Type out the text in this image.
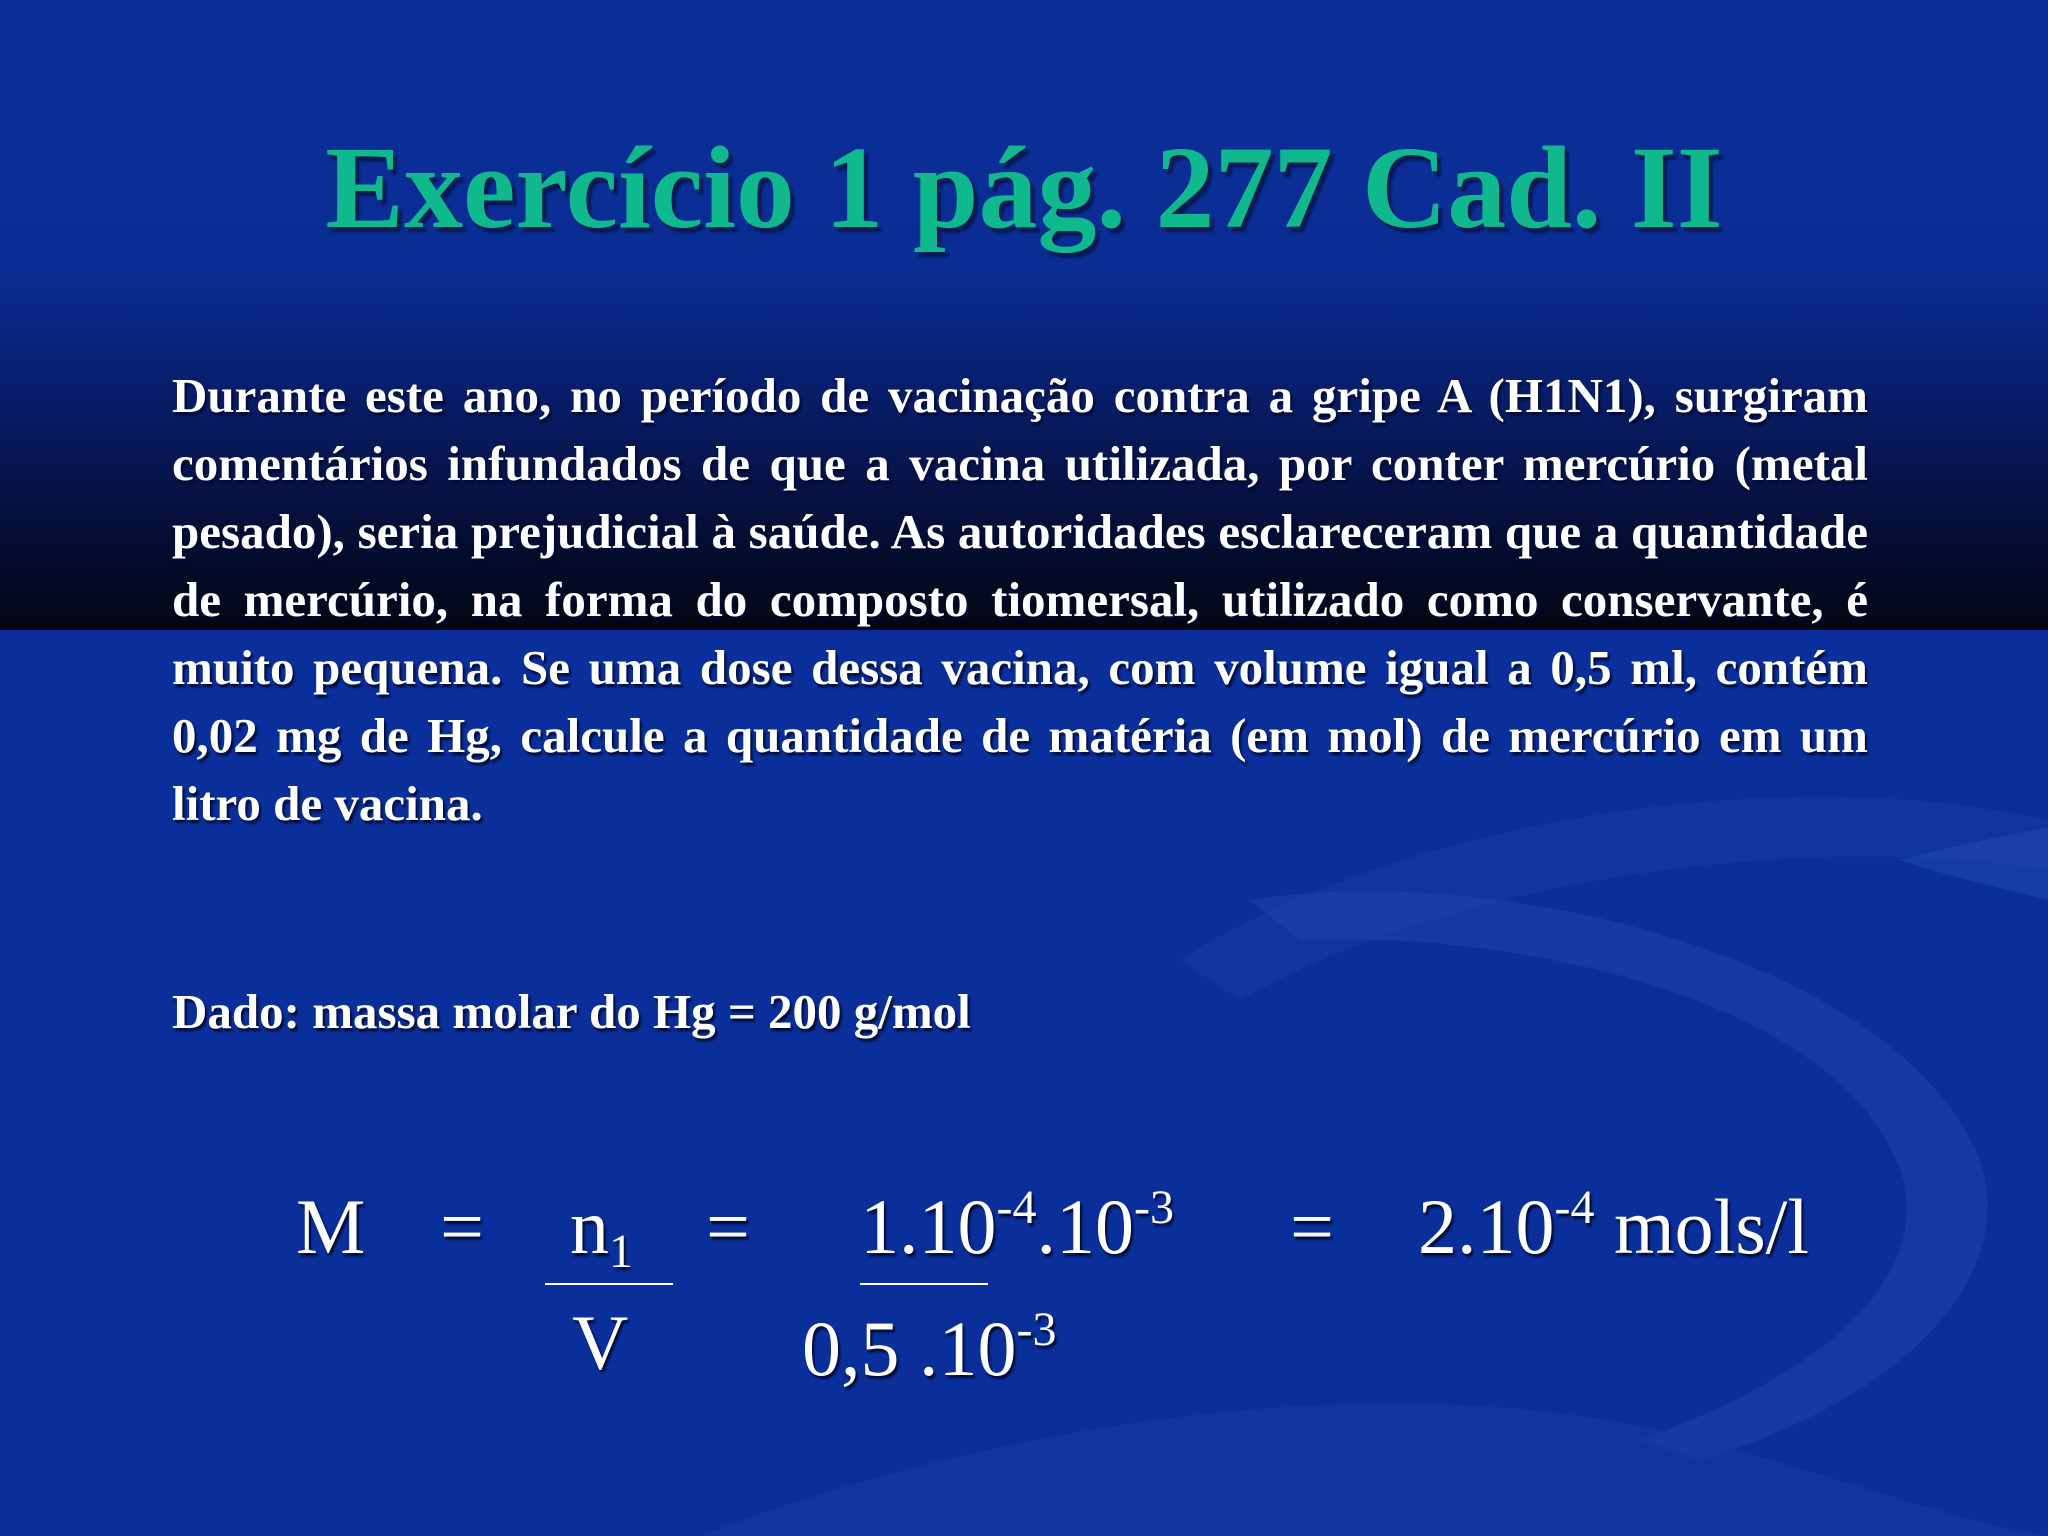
Exercício 1 pág. 277 Cad. II
Durante este ano, no período de vacinação contra a gripe A (H1N1), surgiram comentários infundados de que a vacina utilizada, por conter mercúrio (metal pesado), seria prejudicial à saúde. As autoridades esclareceram que a quantidade de mercúrio, na forma do composto tiomersal, utilizado como conservante, é muito pequena. Se uma dose dessa vacina, com volume igual a 0,5 ml, contém 0,02 mg de Hg, calcule a quantidade de matéria (em mol) de mercúrio em um litro de vacina.
Dado: massa molar do Hg = 200 g/mol
$M = n_1$
V
= $1.10^{-4}.10^{-3}$
0,5 $.10^{-3}$
= $2.10^{-4}$ mols/l
